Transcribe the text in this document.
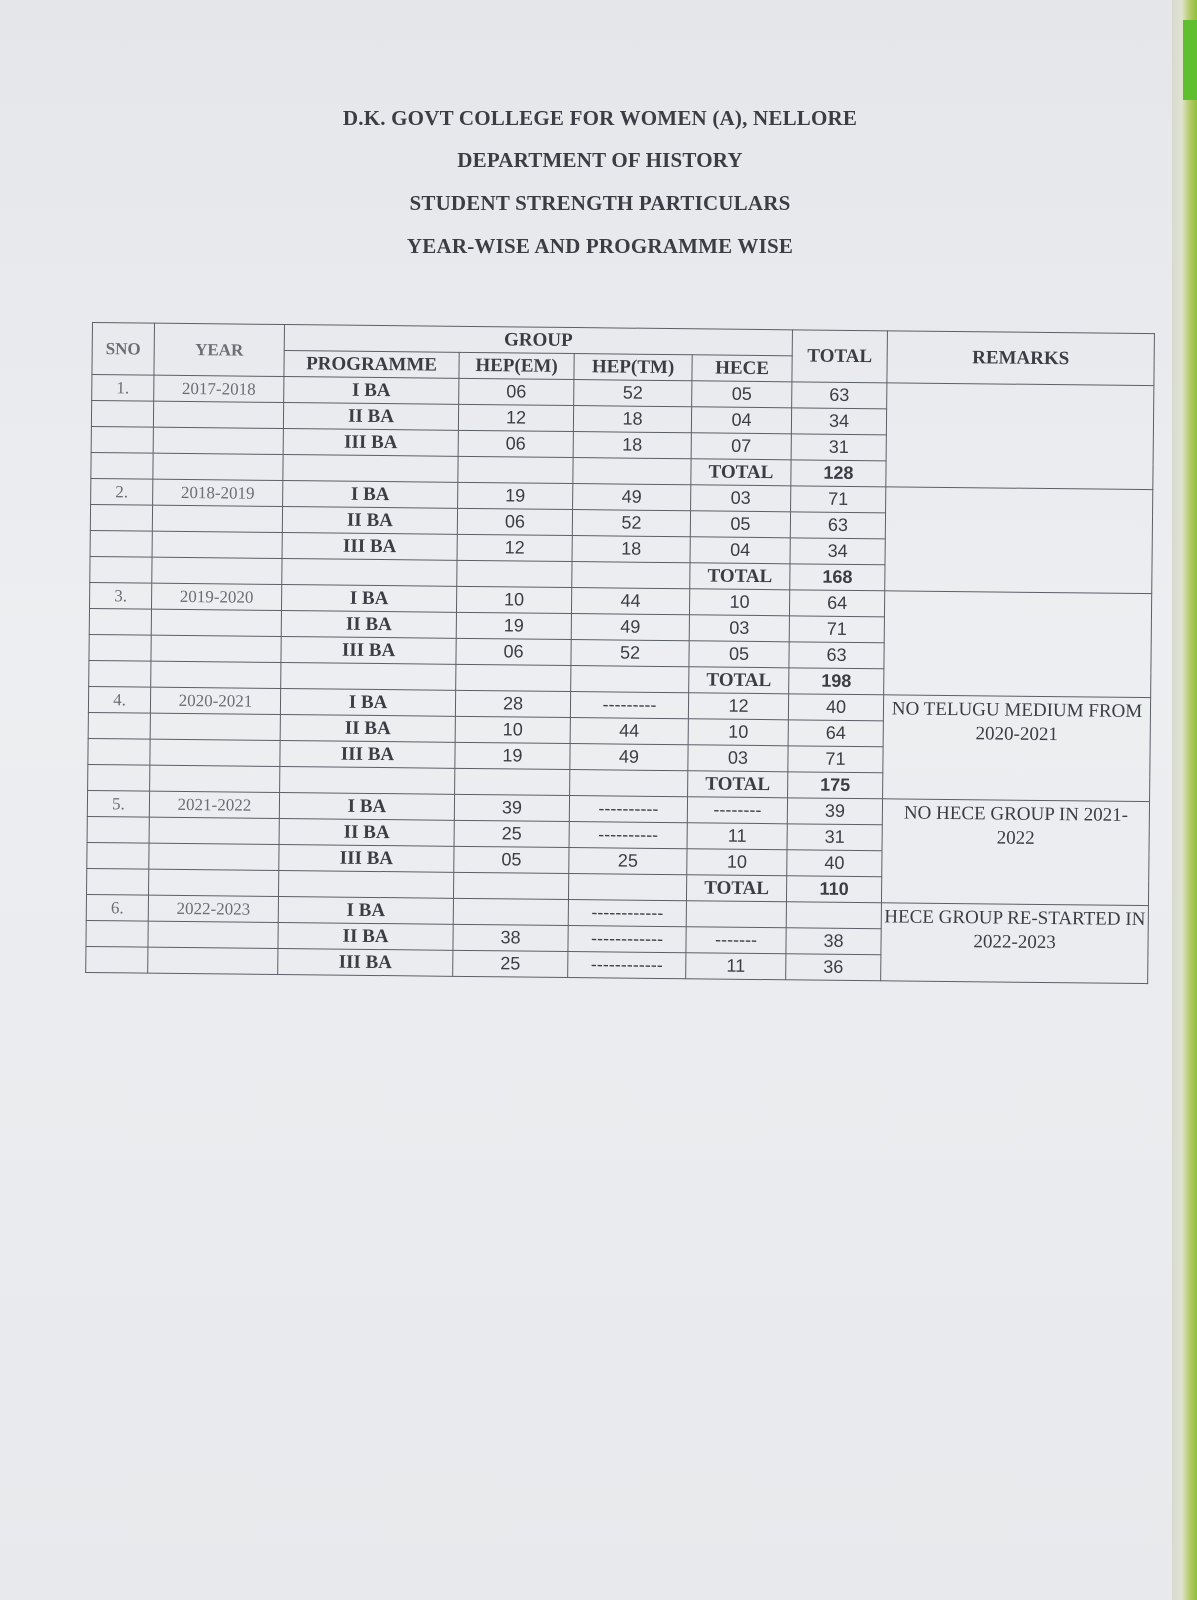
D.K. GOVT COLLEGE FOR WOMEN (A), NELLORE
DEPARTMENT OF HISTORY
STUDENT STRENGTH PARTICULARS
YEAR-WISE AND PROGRAMME WISE
SNO	YEAR	GROUP				TOTAL	REMARKS
		PROGRAMME	HEP(EM)	HEP(TM)	HECE		
1.	2017-2018	I BA	06	52	05	63	
		II BA	12	18	04	34	
		III BA	06	18	07	31	
					TOTAL	128	
2.	2018-2019	I BA	19	49	03	71	
		II BA	06	52	05	63	
		III BA	12	18	04	34	
					TOTAL	168	
3.	2019-2020	I BA	10	44	10	64	
		II BA	19	49	03	71	
		III BA	06	52	05	63	
					TOTAL	198	
4.	2020-2021	I BA	28	---------	12	40	NO TELUGU MEDIUM FROM 2020-2021
		II BA	10	44	10	64	
		III BA	19	49	03	71	
					TOTAL	175	
5.	2021-2022	I BA	39	----------	--------	39	NO HECE GROUP IN 2021-2022
		II BA	25	----------	11	31	
		III BA	05	25	10	40	
					TOTAL	110	
6.	2022-2023	I BA		------------			HECE GROUP RE-STARTED IN 2022-2023
		II BA	38	------------	-------	38	
		III BA	25	------------	11	36	
